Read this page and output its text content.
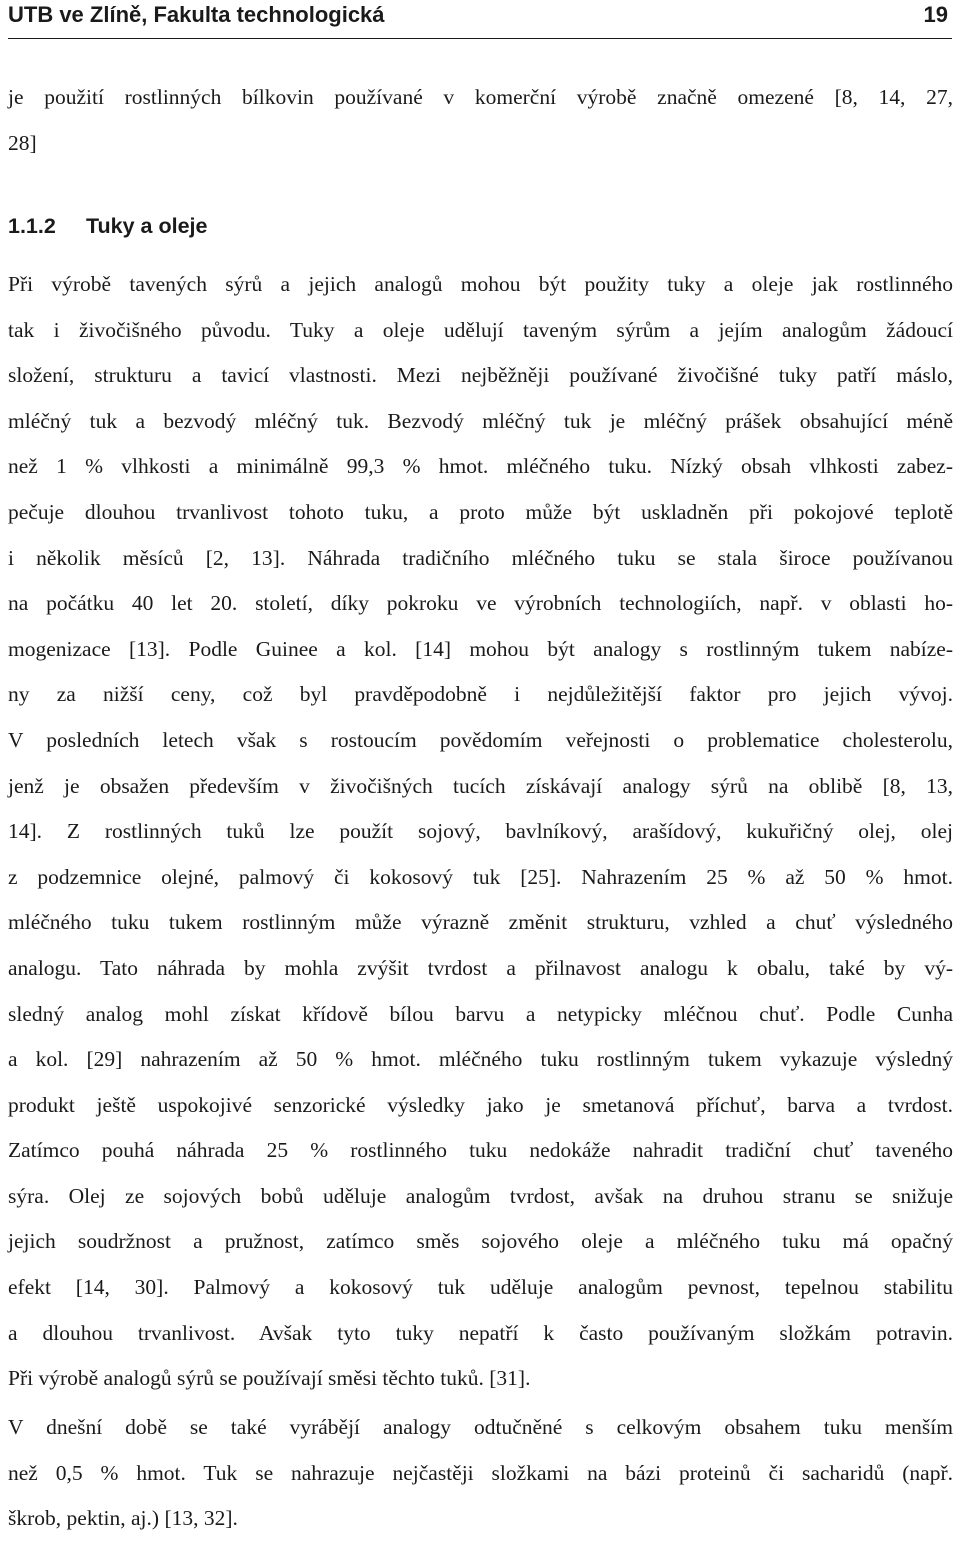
UTB ve Zlíně, Fakulta technologická	19
je použití rostlinných bílkovin používané v komerční výrobě značně omezené [8, 14, 27,
28]
1.1.2 Tuky a oleje
Při výrobě tavených sýrů a jejich analogů mohou být použity tuky a oleje jak rostlinného
tak i živočišného původu. Tuky a oleje udělují taveným sýrům a jejím analogům žádoucí
složení, strukturu a tavicí vlastnosti. Mezi nejběžněji používané živočišné tuky patří máslo,
mléčný tuk a bezvodý mléčný tuk. Bezvodý mléčný tuk je mléčný prášek obsahující méně
než 1 % vlhkosti a minimálně 99,3 % hmot. mléčného tuku. Nízký obsah vlhkosti zabez-
pečuje dlouhou trvanlivost tohoto tuku, a proto může být uskladněn při pokojové teplotě
i několik měsíců [2, 13]. Náhrada tradičního mléčného tuku se stala široce používanou
na počátku 40 let 20. století, díky pokroku ve výrobních technologiích, např. v oblasti ho-
mogenizace [13]. Podle Guinee a kol. [14] mohou být analogy s rostlinným tukem nabíze-
ny za nižší ceny, což byl pravděpodobně i nejdůležitější faktor pro jejich vývoj.
V posledních letech však s rostoucím povědomím veřejnosti o problematice cholesterolu,
jenž je obsažen především v živočišných tucích získávají analogy sýrů na oblibě [8, 13,
14]. Z rostlinných tuků lze použít sojový, bavlníkový, arašídový, kukuřičný olej, olej
z podzemnice olejné, palmový či kokosový tuk [25]. Nahrazením 25 % až 50 % hmot.
mléčného tuku tukem rostlinným může výrazně změnit strukturu, vzhled a chuť výsledného
analogu. Tato náhrada by mohla zvýšit tvrdost a přilnavost analogu k obalu, také by vý-
sledný analog mohl získat křídově bílou barvu a netypicky mléčnou chuť. Podle Cunha
a kol. [29] nahrazením až 50 % hmot. mléčného tuku rostlinným tukem vykazuje výsledný
produkt ještě uspokojivé senzorické výsledky jako je smetanová příchuť, barva a tvrdost.
Zatímco pouhá náhrada 25 % rostlinného tuku nedokáže nahradit tradiční chuť taveného
sýra. Olej ze sojových bobů uděluje analogům tvrdost, avšak na druhou stranu se snižuje
jejich soudržnost a pružnost, zatímco směs sojového oleje a mléčného tuku má opačný
efekt [14, 30]. Palmový a kokosový tuk uděluje analogům pevnost, tepelnou stabilitu
a dlouhou trvanlivost. Avšak tyto tuky nepatří k často používaným složkám potravin.
Při výrobě analogů sýrů se používají směsi těchto tuků. [31].
V dnešní době se také vyrábějí analogy odtučněné s celkovým obsahem tuku menším
než 0,5 % hmot. Tuk se nahrazuje nejčastěji složkami na bázi proteinů či sacharidů (např.
škrob, pektin, aj.) [13, 32].
